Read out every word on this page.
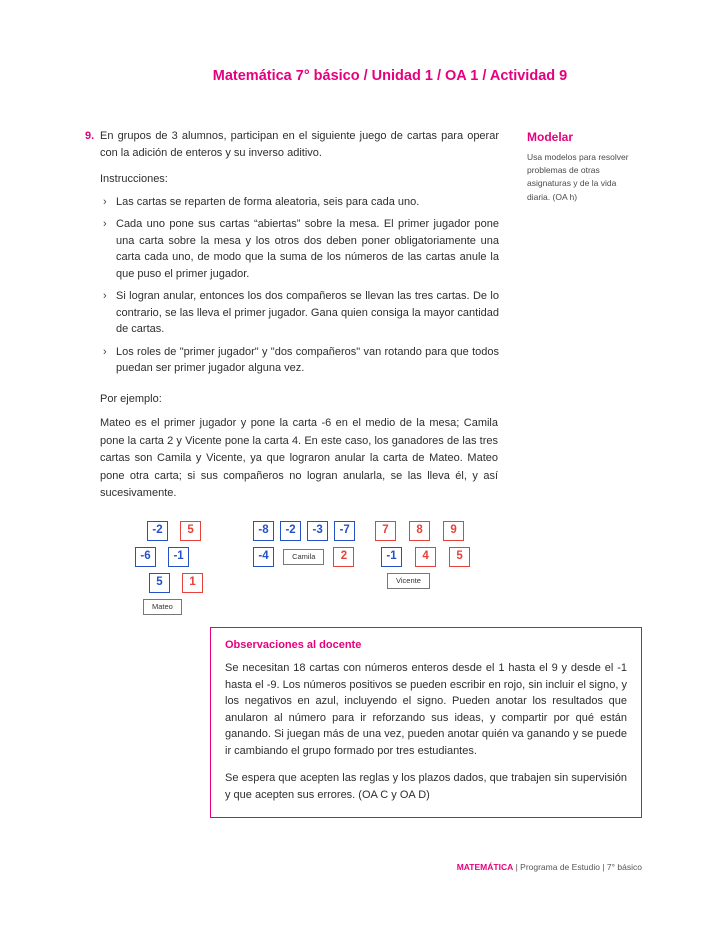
Matemática 7° básico / Unidad 1 / OA 1 / Actividad 9
9. En grupos de 3 alumnos, participan en el siguiente juego de cartas para operar con la adición de enteros y su inverso aditivo.

Instrucciones:

› Las cartas se reparten de forma aleatoria, seis para cada uno.
› Cada uno pone sus cartas “abiertas” sobre la mesa. El primer jugador pone una carta sobre la mesa y los otros dos deben poner obligatoriamente una carta cada uno, de modo que la suma de los números de las cartas anule la que puso el primer jugador.
› Si logran anular, entonces los dos compañeros se llevan las tres cartas. De lo contrario, se las lleva el primer jugador. Gana quien consiga la mayor cantidad de cartas.
› Los roles de "primer jugador" y "dos compañeros" van rotando para que todos puedan ser primer jugador alguna vez.

Por ejemplo:

Mateo es el primer jugador y pone la carta -6 en el medio de la mesa; Camila pone la carta 2 y Vicente pone la carta 4. En este caso, los ganadores de las tres cartas son Camila y Vicente, ya que lograron anular la carta de Mateo. Mateo pone otra carta; si sus compañeros no logran anularla, se las lleva él, y así sucesivamente.

-2 5
-6 -1
5 1
Mateo
-8 -2 -3 -7
-4	Camila 2
7 8 9
-1 4 5
Vicente
Modelar

Usa modelos para resolver problemas de otras asignaturas y de la vida diaria. (OA h)

Observaciones al docente

Se necesitan 18 cartas con números enteros desde el 1 hasta el 9 y desde el -1 hasta el -9. Los números positivos se pueden escribir en rojo, sin incluir el signo, y los negativos en azul, incluyendo el signo. Pueden anotar los resultados que anularon al número para ir reforzando sus ideas, y compartir por qué están ganando. Si juegan más de una vez, pueden anotar quién va ganando y se puede ir cambiando el grupo formado por tres estudiantes.

Se espera que acepten las reglas y los plazos dados, que trabajen sin supervisión y que acepten sus errores. (OA C y OA D)

MATEMÁTICA | Programa de Estudio | 7° básico
